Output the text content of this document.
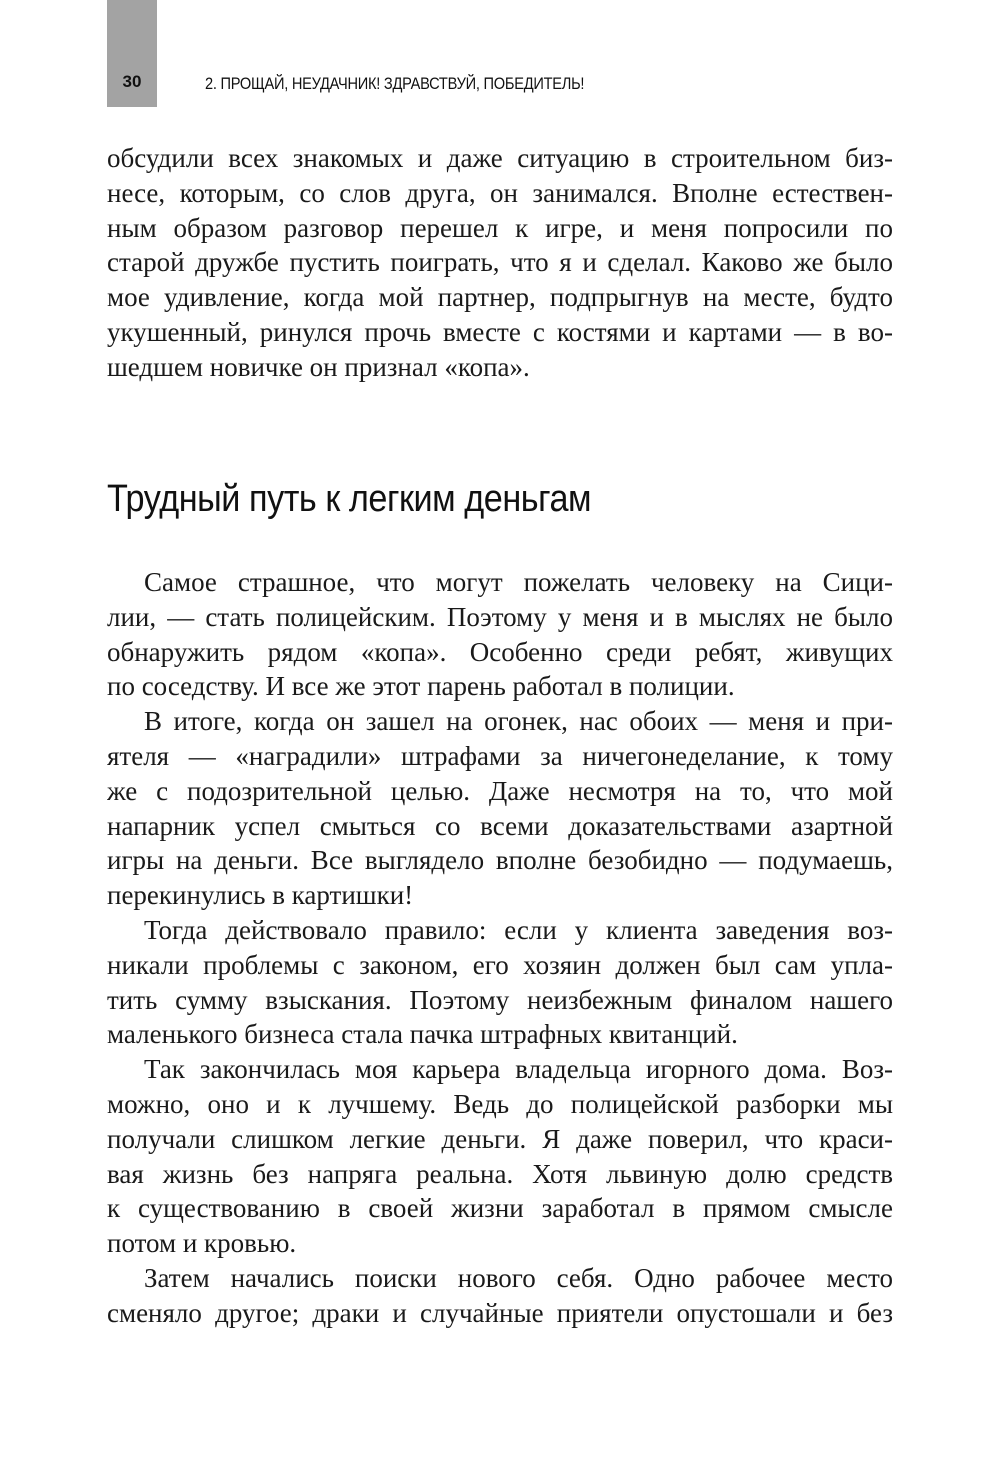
30	2. ПРОЩАЙ, НЕУДАЧНИК! ЗДРАВСТВУЙ, ПОБЕДИТЕЛЬ!
обсудили всех знакомых и даже ситуацию в строительном биз-
несе, которым, со слов друга, он занимался. Вполне естествен-
ным образом разговор перешел к игре, и меня попросили по
старой дружбе пустить поиграть, что я и сделал. Каково же было
мое удивление, когда мой партнер, подпрыгнув на месте, будто
укушенный, ринулся прочь вместе с костями и картами — в во-
шедшем новичке он признал «копа».
Трудный путь к легким деньгам
Самое страшное, что могут пожелать человеку на Сици-
лии, — стать полицейским. Поэтому у меня и в мыслях не было
обнаружить рядом «копа». Особенно среди ребят, живущих
по соседству. И все же этот парень работал в полиции.
В итоге, когда он зашел на огонек, нас обоих — меня и при-
ятеля — «наградили» штрафами за ничегонеделание, к тому
же с подозрительной целью. Даже несмотря на то, что мой
напарник успел смыться со всеми доказательствами азартной
игры на деньги. Все выглядело вполне безобидно — подумаешь,
перекинулись в картишки!
Тогда действовало правило: если у клиента заведения воз-
никали проблемы с законом, его хозяин должен был сам упла-
тить сумму взыскания. Поэтому неизбежным финалом нашего
маленького бизнеса стала пачка штрафных квитанций.
Так закончилась моя карьера владельца игорного дома. Воз-
можно, оно и к лучшему. Ведь до полицейской разборки мы
получали слишком легкие деньги. Я даже поверил, что краси-
вая жизнь без напряга реальна. Хотя львиную долю средств
к существованию в своей жизни заработал в прямом смысле
потом и кровью.
Затем начались поиски нового себя. Одно рабочее место
сменяло другое; драки и случайные приятели опустошали и без
